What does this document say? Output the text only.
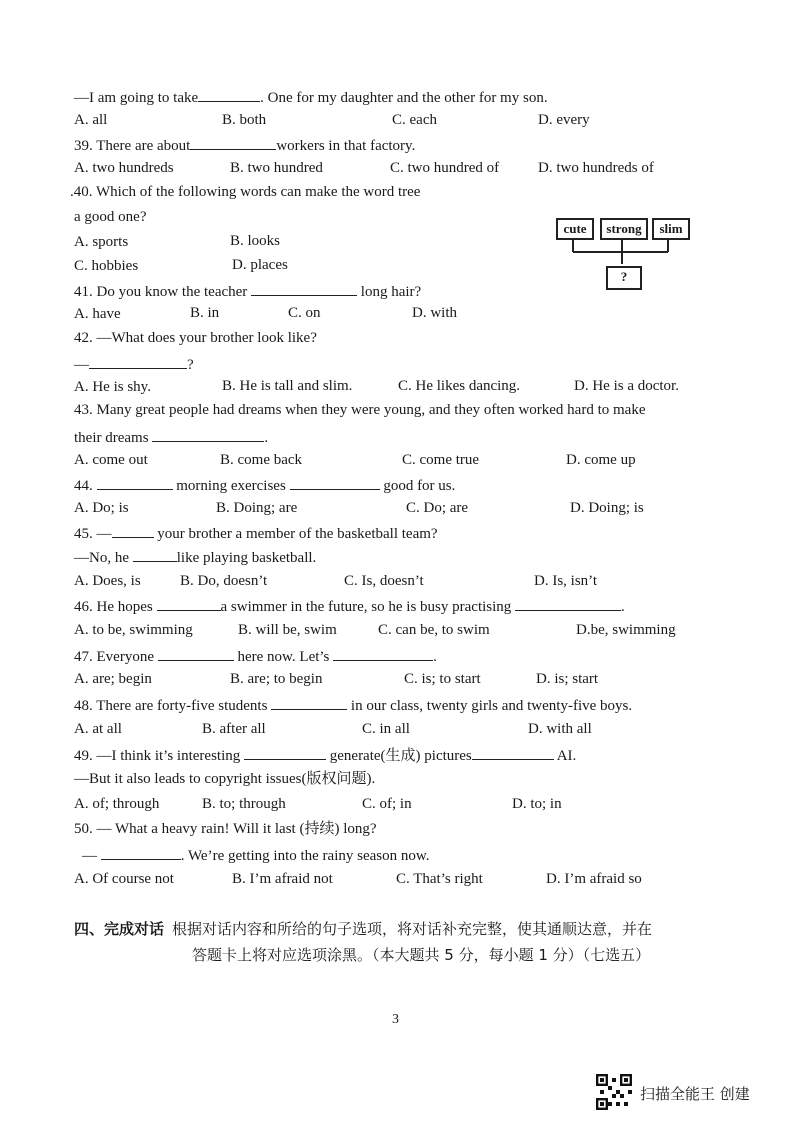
—I am going to take	. One for my daughter and the other for my son.
A. all	B. both	C. each	D. every
39. There are about	workers in that factory.
A. two hundreds	B. two hundred	C. two hundred of	D. two hundreds of
.40. Which of the following words can make the word tree
a good one?
A. sports	B. looks
C. hobbies	D. places
cute	strong	slim
?
41. Do you know the teacher	long hair?
A. have	B. in	C. on	D. with
42. —What does your brother look like?
—	?
A. He is shy.	B. He is tall and slim.	C. He likes dancing.	D. He is a doctor.
43. Many great people had dreams when they were young, and they often worked hard to make
their dreams	.
A. come out	B. come back	C. come true	D. come up
44.	morning exercises	good for us.
A. Do; is	B. Doing; are	C. Do; are	D. Doing; is
45. —	your brother a member of the basketball team?
—No, he	like playing basketball.
A. Does, is	B. Do, doesn’t	C. Is, doesn’t	D. Is, isn’t
46. He hopes	a swimmer in the future, so he is busy practising	.
A. to be, swimming	B. will be, swim	C. can be, to swim	D.be, swimming
47. Everyone	here now. Let’s	.
A. are; begin	B. are; to begin	C. is; to start	D. is; start
48. There are forty-five students	in our class, twenty girls and twenty-five boys.
A. at all	B. after all	C. in all	D. with all
49. —I think it’s interesting	generate(生成) pictures	AI.
—But it also leads to copyright issues(版权问题).
A. of; through	B. to; through	C. of; in	D. to; in
50. — What a heavy rain! Will it last (持续) long?
—	. We’re getting into the rainy season now.
A. Of course not	B. I’m afraid not	C. That’s right	D. I’m afraid so
四、完成对话 根据对话内容和所给的句子选项，将对话补充完整，使其通顺达意，并在
答题卡上将对应选项涂黑。（本大题共 5 分，每小题 1 分）（七选五）
3
扫描全能王 创建
